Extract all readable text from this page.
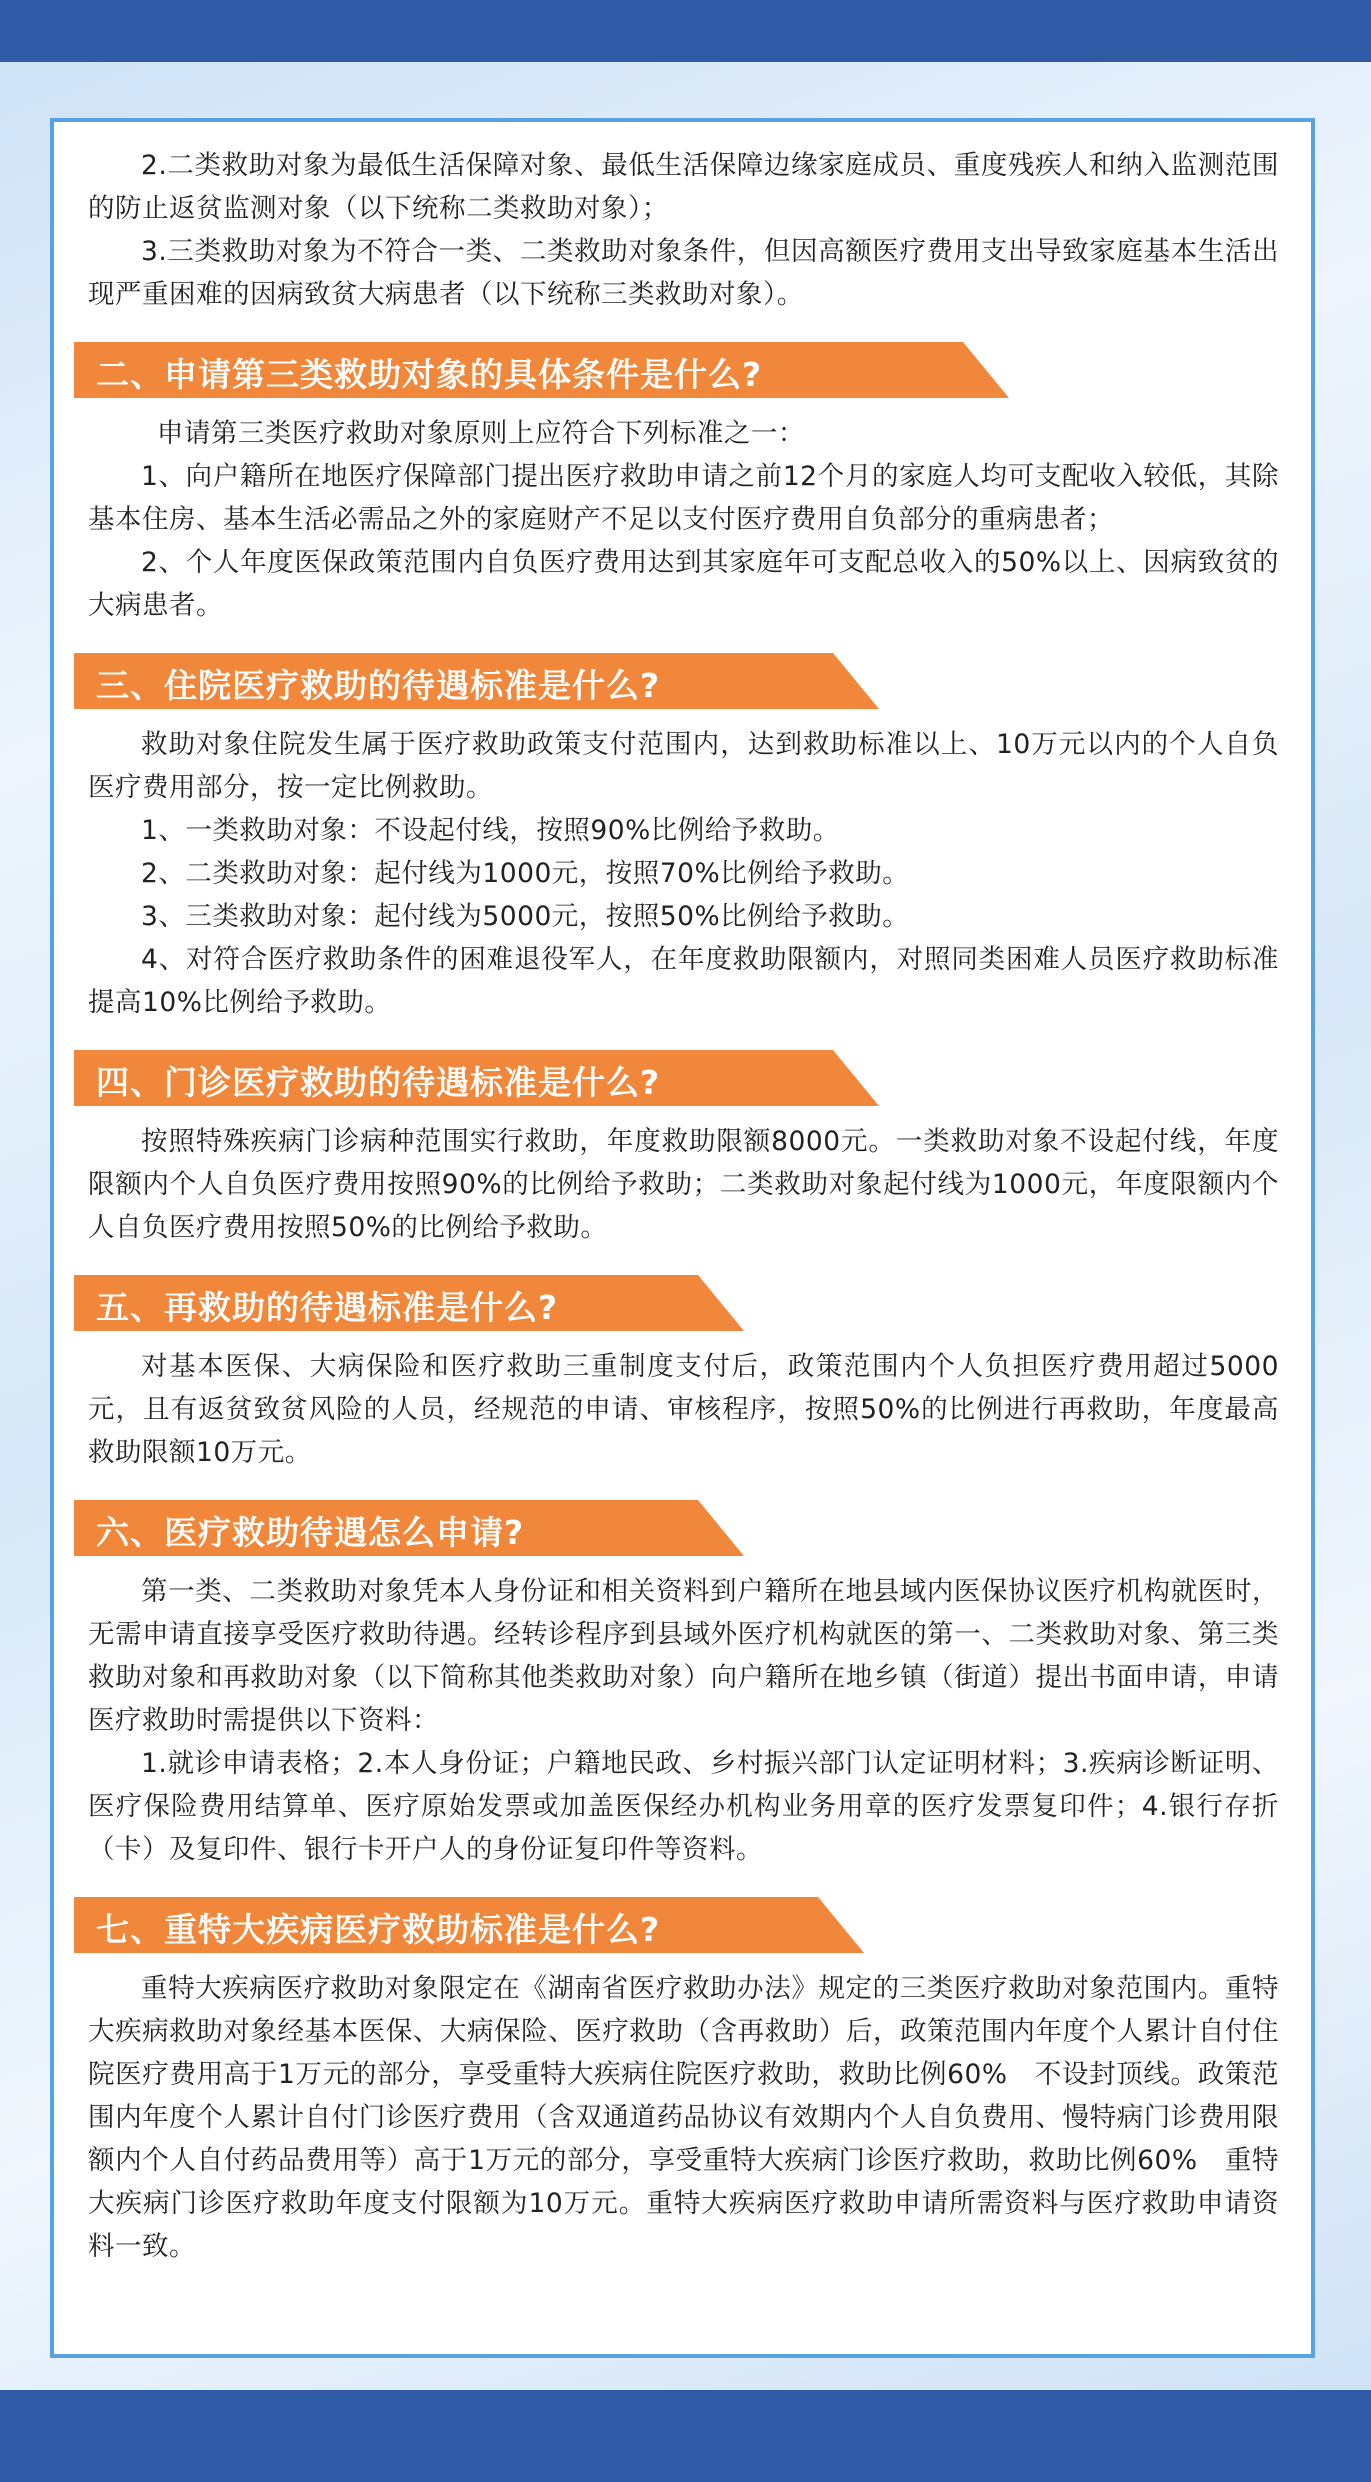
2.二类救助对象为最低生活保障对象、最低生活保障边缘家庭成员、重度残疾人和纳入监测范围的防止返贫监测对象（以下统称二类救助对象）；

3.三类救助对象为不符合一类、二类救助对象条件，但因高额医疗费用支出导致家庭基本生活出现严重困难的因病致贫大病患者（以下统称三类救助对象）。

二、申请第三类救助对象的具体条件是什么?

申请第三类医疗救助对象原则上应符合下列标准之一：

1、向户籍所在地医疗保障部门提出医疗救助申请之前12个月的家庭人均可支配收入较低，其除基本住房、基本生活必需品之外的家庭财产不足以支付医疗费用自负部分的重病患者；

2、个人年度医保政策范围内自负医疗费用达到其家庭年可支配总收入的50%以上、因病致贫的大病患者。

三、住院医疗救助的待遇标准是什么?

救助对象住院发生属于医疗救助政策支付范围内，达到救助标准以上、10万元以内的个人自负医疗费用部分，按一定比例救助。

1、一类救助对象：不设起付线，按照90%比例给予救助。

2、二类救助对象：起付线为1000元，按照70%比例给予救助。

3、三类救助对象：起付线为5000元，按照50%比例给予救助。

4、对符合医疗救助条件的困难退役军人，在年度救助限额内，对照同类困难人员医疗救助标准提高10%比例给予救助。

四、门诊医疗救助的待遇标准是什么?

按照特殊疾病门诊病种范围实行救助，年度救助限额8000元。一类救助对象不设起付线，年度限额内个人自负医疗费用按照90%的比例给予救助；二类救助对象起付线为1000元，年度限额内个人自负医疗费用按照50%的比例给予救助。

五、再救助的待遇标准是什么?

对基本医保、大病保险和医疗救助三重制度支付后，政策范围内个人负担医疗费用超过5000元，且有返贫致贫风险的人员，经规范的申请、审核程序，按照50%的比例进行再救助，年度最高救助限额10万元。

六、医疗救助待遇怎么申请?

第一类、二类救助对象凭本人身份证和相关资料到户籍所在地县域内医保协议医疗机构就医时，无需申请直接享受医疗救助待遇。经转诊程序到县域外医疗机构就医的第一、二类救助对象、第三类救助对象和再救助对象（以下简称其他类救助对象）向户籍所在地乡镇（街道）提出书面申请，申请医疗救助时需提供以下资料：

1.就诊申请表格；2.本人身份证；户籍地民政、乡村振兴部门认定证明材料；3.疾病诊断证明、医疗保险费用结算单、医疗原始发票或加盖医保经办机构业务用章的医疗发票复印件；4.银行存折（卡）及复印件、银行卡开户人的身份证复印件等资料。

七、重特大疾病医疗救助标准是什么?

重特大疾病医疗救助对象限定在《湖南省医疗救助办法》规定的三类医疗救助对象范围内。重特大疾病救助对象经基本医保、大病保险、医疗救助（含再救助）后，政策范围内年度个人累计自付住院医疗费用高于1万元的部分，享受重特大疾病住院医疗救助，救助比例60%　不设封顶线。政策范围内年度个人累计自付门诊医疗费用（含双通道药品协议有效期内个人自负费用、慢特病门诊费用限额内个人自付药品费用等）高于1万元的部分，享受重特大疾病门诊医疗救助，救助比例60%　重特大疾病门诊医疗救助年度支付限额为10万元。重特大疾病医疗救助申请所需资料与医疗救助申请资料一致。
